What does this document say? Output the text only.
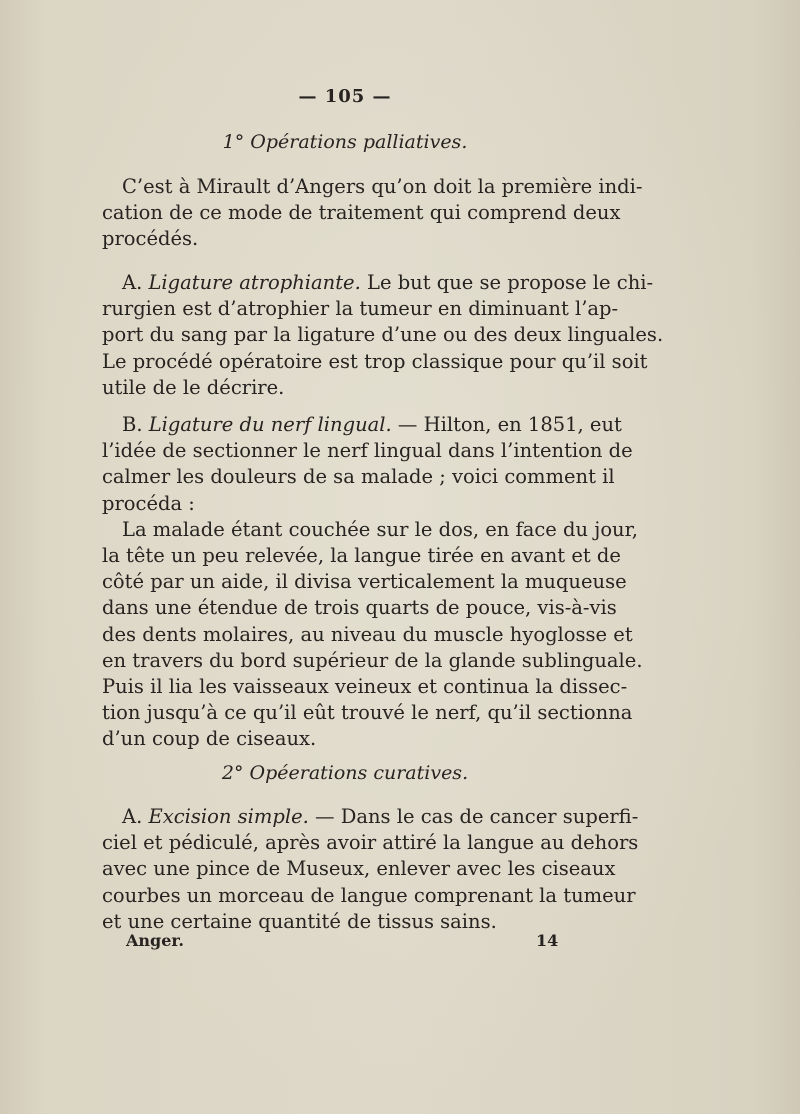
— 105 —
1° Opérations palliatives.
C’est à Mirault d’Angers qu’on doit la première indi-
cation de ce mode de traitement qui comprend deux
procédés.
A. Ligature atrophiante. Le but que se propose le chi-
rurgien est d’atrophier la tumeur en diminuant l’ap-
port du sang par la ligature d’une ou des deux linguales.
Le procédé opératoire est trop classique pour qu’il soit
utile de le décrire.
B. Ligature du nerf lingual. — Hilton, en 1851, eut
l’idée de sectionner le nerf lingual dans l’intention de
calmer les douleurs de sa malade ; voici comment il
procéda :
La malade étant couchée sur le dos, en face du jour,
la tête un peu relevée, la langue tirée en avant et de
côté par un aide, il divisa verticalement la muqueuse
dans une étendue de trois quarts de pouce, vis-à-vis
des dents molaires, au niveau du muscle hyoglosse et
en travers du bord supérieur de la glande sublinguale.
Puis il lia les vaisseaux veineux et continua la dissec-
tion jusqu’à ce qu’il eût trouvé le nerf, qu’il sectionna
d’un coup de ciseaux.
2° Opéerations curatives.
A. Excision simple. — Dans le cas de cancer superfi-
ciel et pédiculé, après avoir attiré la langue au dehors
avec une pince de Museux, enlever avec les ciseaux
courbes un morceau de langue comprenant la tumeur
et une certaine quantité de tissus sains.
Anger.	14
